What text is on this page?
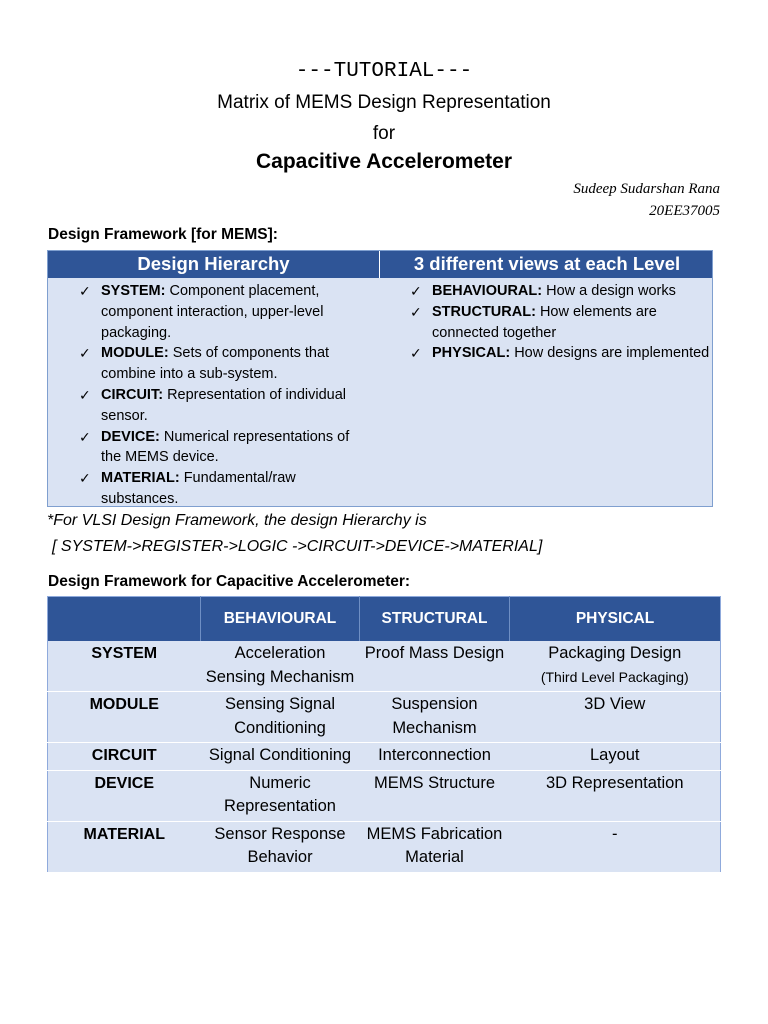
---TUTORIAL---
Matrix of MEMS Design Representation
for
Capacitive Accelerometer
Sudeep Sudarshan Rana
20EE37005
Design Framework [for MEMS]:
Design Hierarchy	3 different views at each Level
✓ SYSTEM: Component placement, component interaction, upper-level packaging.
✓ MODULE: Sets of components that combine into a sub-system.
✓ CIRCUIT: Representation of individual sensor.
✓ DEVICE: Numerical representations of the MEMS device.
✓ MATERIAL: Fundamental/raw substances.
✓ BEHAVIOURAL: How a design works
✓ STRUCTURAL: How elements are connected together
✓ PHYSICAL: How designs are implemented
*For VLSI Design Framework, the design Hierarchy is
[ SYSTEM->REGISTER->LOGIC ->CIRCUIT->DEVICE->MATERIAL]
Design Framework for Capacitive Accelerometer:
	BEHAVIOURAL	STRUCTURAL	PHYSICAL
SYSTEM	Acceleration Sensing Mechanism	Proof Mass Design	Packaging Design
(Third Level Packaging)

MODULE	Sensing Signal Conditioning	Suspension Mechanism	3D View
CIRCUIT	Signal Conditioning	Interconnection	Layout
DEVICE	Numeric Representation	MEMS Structure	3D Representation
MATERIAL	Sensor Response Behavior	MEMS Fabrication Material	-
